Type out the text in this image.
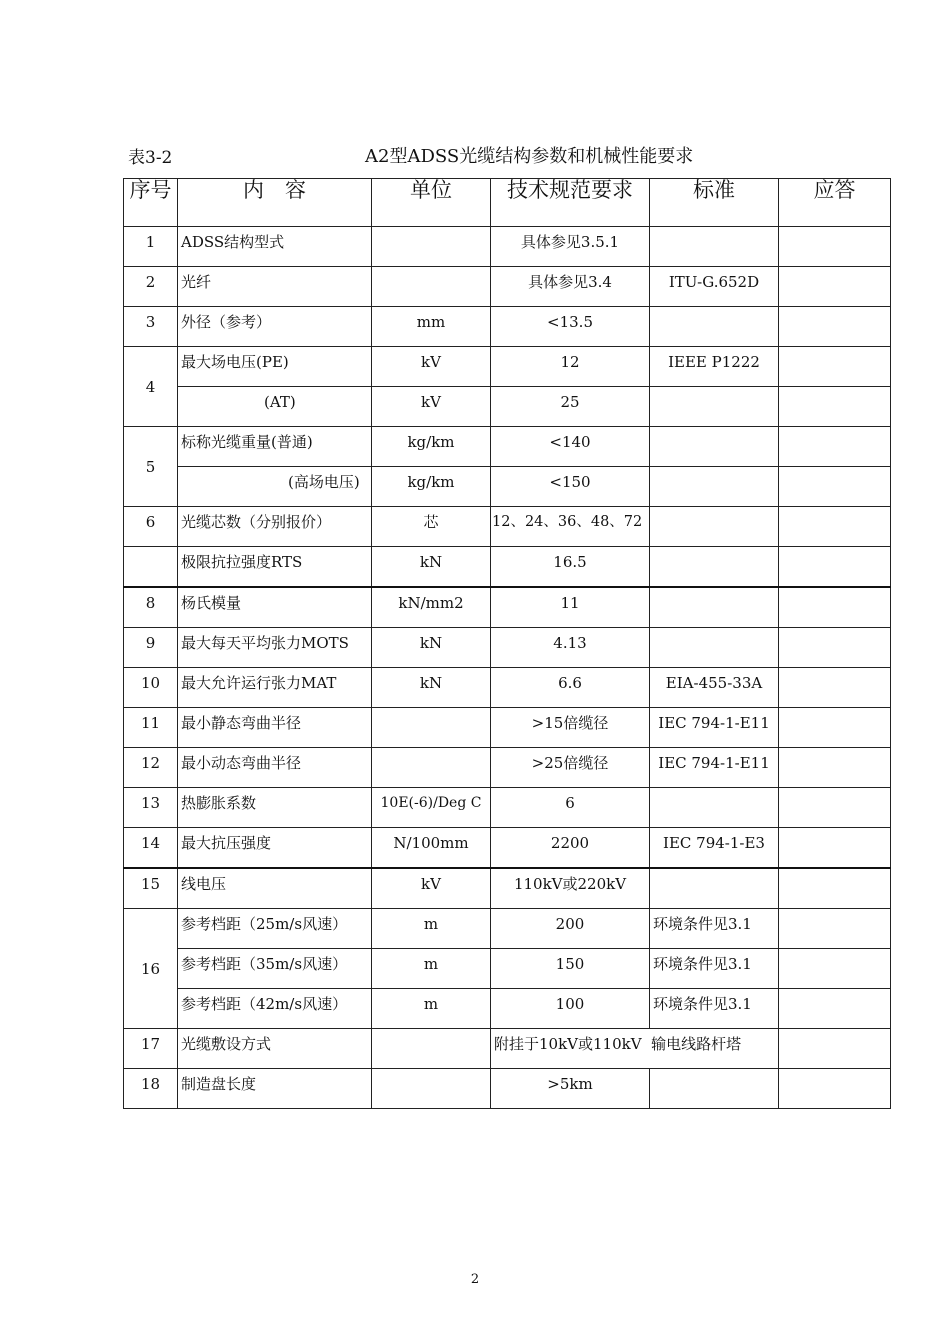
表3-2	A2型ADSS光缆结构参数和机械性能要求
序号	内　容	单位	技术规范要求	标准	应答
1	ADSS结构型式		具体参见3.5.1		
2	光纤		具体参见3.4	ITU-G.652D	
3	外径（参考）	mm	<13.5		
4	最大场电压(PE)	kV	12	IEEE P1222	
	(AT)	kV	25		
5	标称光缆重量(普通)	kg/km	<140		
	(高场电压)	kg/km	<150		
6	光缆芯数（分别报价）	芯	12、24、36、48、72		
	极限抗拉强度RTS	kN	16.5		
8	杨氏模量	kN/mm2	11		
9	最大每天平均张力MOTS	kN	4.13		
10	最大允许运行张力MAT	kN	6.6	EIA-455-33A	
11	最小静态弯曲半径		>15倍缆径	IEC 794-1-E11	
12	最小动态弯曲半径		>25倍缆径	IEC 794-1-E11	
13	热膨胀系数	10E(-6)/Deg C	6		
14	最大抗压强度	N/100mm	2200	IEC 794-1-E3	
15	线电压	kV	110kV或220kV		
16	参考档距（25m/s风速）	m	200	环境条件见3.1	
	参考档距（35m/s风速）	m	150	环境条件见3.1	
	参考档距（42m/s风速）	m	100	环境条件见3.1	
17	光缆敷设方式		附挂于10kV或110kV  输电线路杆塔		
18	制造盘长度		>5km		
2
